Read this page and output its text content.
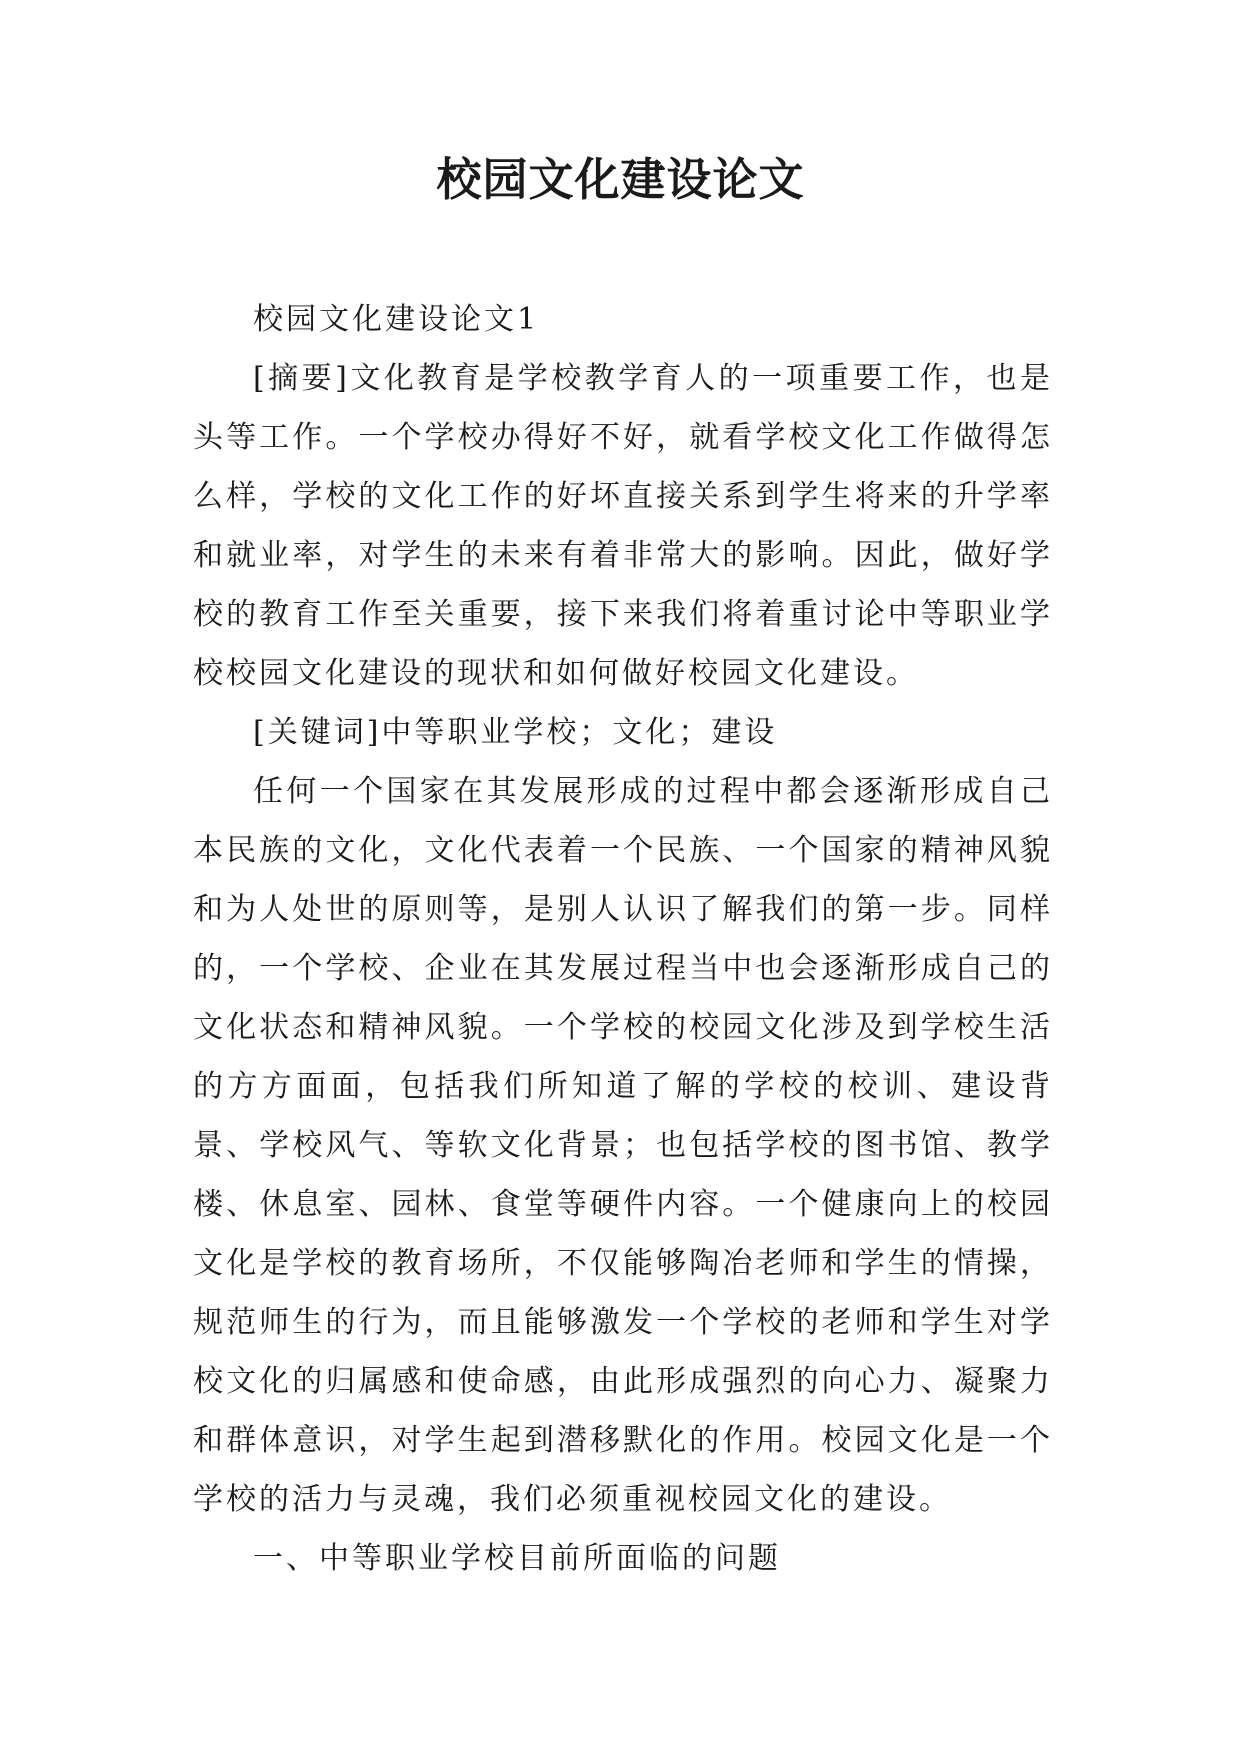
校园文化建设论文

校园文化建设论文1

[摘要]文化教育是学校教学育人的一项重要工作，也是头等工作。一个学校办得好不好，就看学校文化工作做得怎么样，学校的文化工作的好坏直接关系到学生将来的升学率和就业率，对学生的未来有着非常大的影响。因此，做好学校的教育工作至关重要，接下来我们将着重讨论中等职业学校校园文化建设的现状和如何做好校园文化建设。

[关键词]中等职业学校；文化；建设

任何一个国家在其发展形成的过程中都会逐渐形成自己本民族的文化，文化代表着一个民族、一个国家的精神风貌和为人处世的原则等，是别人认识了解我们的第一步。同样的，一个学校、企业在其发展过程当中也会逐渐形成自己的文化状态和精神风貌。一个学校的校园文化涉及到学校生活的方方面面，包括我们所知道了解的学校的校训、建设背景、学校风气、等软文化背景；也包括学校的图书馆、教学楼、休息室、园林、食堂等硬件内容。一个健康向上的校园文化是学校的教育场所，不仅能够陶冶老师和学生的情操，规范师生的行为，而且能够激发一个学校的老师和学生对学校文化的归属感和使命感，由此形成强烈的向心力、凝聚力和群体意识，对学生起到潜移默化的作用。校园文化是一个学校的活力与灵魂，我们必须重视校园文化的建设。

一、中等职业学校目前所面临的问题
